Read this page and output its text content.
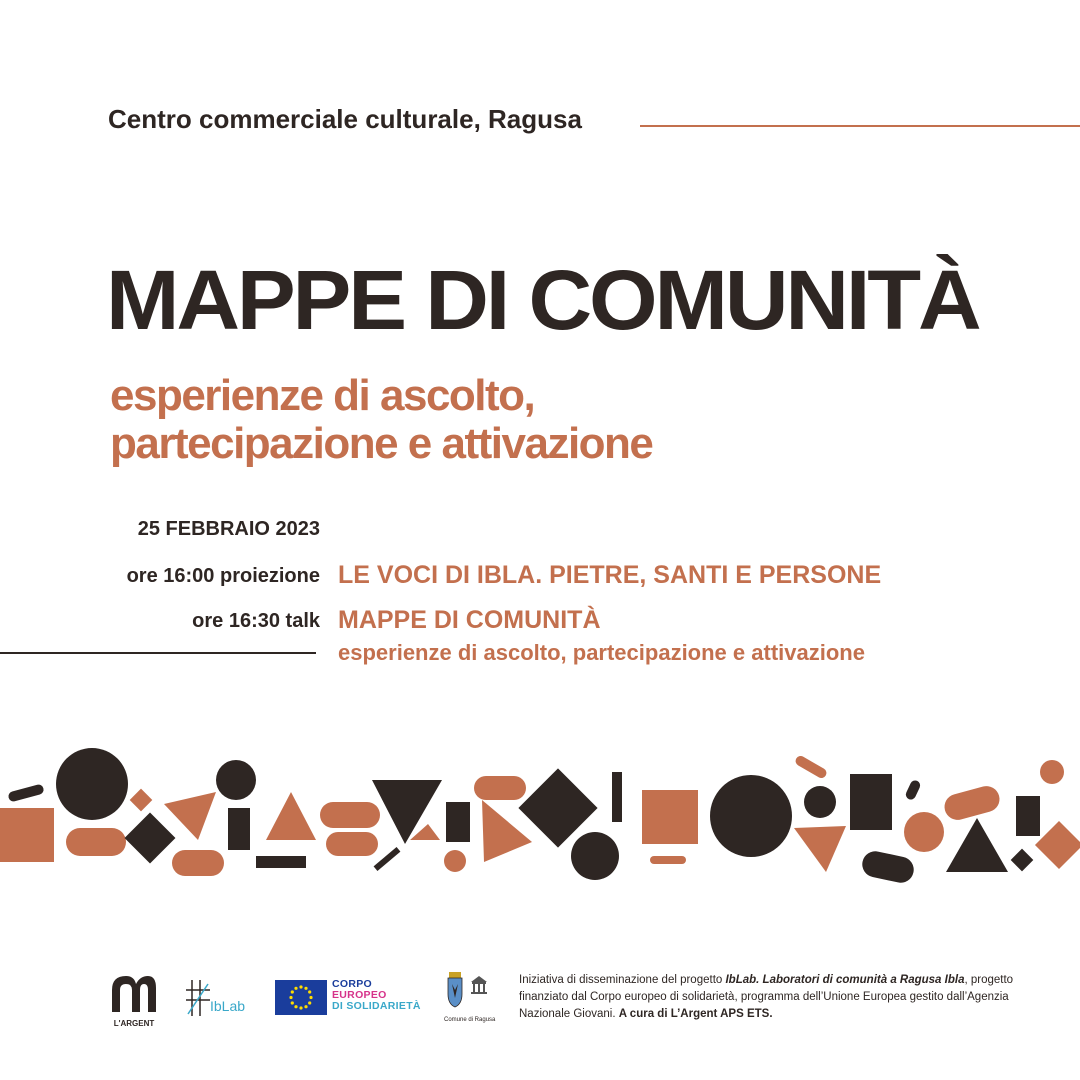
Centro commerciale culturale, Ragusa
MAPPE DI COMUNITÀ
esperienze di ascolto,
partecipazione e attivazione
25 FEBBRAIO 2023
ore 16:00 proiezione LE VOCI DI IBLA. PIETRE, SANTI E PERSONE
ore 16:30 talk MAPPE DI COMUNITÀ
esperienze di ascolto, partecipazione e attivazione
L'ARGENT
IbLab
CORPO
EUROPEO
DI SOLIDARIETÀ
Comune di Ragusa
Iniziativa di disseminazione del progetto IbLab. Laboratori di comunità a Ragusa Ibla, progetto finanziato dal Corpo europeo di solidarietà, programma dell’Unione Europea gestito dall’Agenzia Nazionale Giovani. A cura di L’Argent APS ETS.
